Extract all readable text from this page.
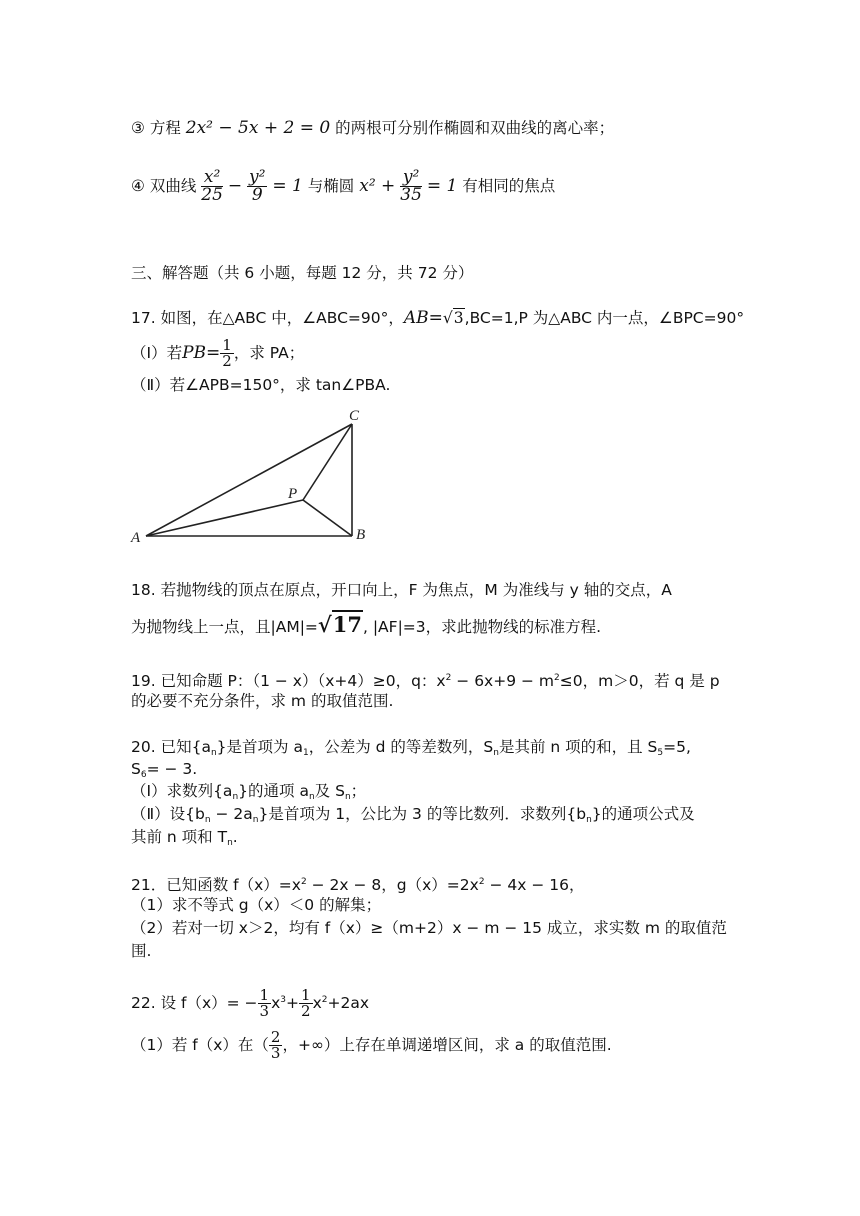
③ 方程 2x² − 5x + 2 = 0 的两根可分别作椭圆和双曲线的离心率；
④ 双曲线 $\frac{\text{x²}}{25} - \frac{\text{y²}}{9} = 1$ 与椭圆 $x^2 + \frac{\text{y²}}{35} = 1$ 有相同的焦点
三、解答题（共 6 小题，每题 12 分，共 72 分）
17. 如图，在△ABC 中，∠ABC=90°，AB=√3,BC=1,P 为△ABC 内一点，∠BPC=90°
（Ⅰ）若$PB= \frac{1}{2}$ ，求 PA；
（Ⅱ）若∠APB=150°，求 tan∠PBA.
A	B
C
P
18. 若抛物线的顶点在原点，开口向上，F 为焦点，M 为准线与 y 轴的交点，A
为抛物线上一点，且|AM|=√17, |AF|=3，求此抛物线的标准方程.
19. 已知命题 P：（1 − x）（x+4）≥0，q：$x^2 - 6x+9 - m^2\le 0$，m＞0，若 q 是 p
的必要不充分条件，求 m 的取值范围.
20. 已知$\{a_n\}$是首项为 $a_1$，公差为 d 的等差数列，$S_n$是其前 n 项的和，且 $S_5=5$,
$S_6= - 3$.
（Ⅰ）求数列$\{a_n\}$的通项 $a_n$及 $S_n$；
（Ⅱ）设$\{b_n - 2a_n\}$是首项为 1，公比为 3 的等比数列．求数列$\{b_n\}$的通项公式及
其前 n 项和 $T_n$.
21．已知函数 $f(x)=x^2 - 2x - 8$，$g(x)=2x^2 - 4x - 16$，
（1）求不等式 g（x）＜0 的解集；
（2）若对一切 x＞2，均有 f（x）≥（m+2）x − m − 15 成立，求实数 m 的取值范
围.
22. 设 $f(x)= - \frac{1}{3} x^3+ \frac{1}{2} x^2+2ax$
（1）若 f（x）在（ $\frac{2}{3}$ ，+∞）上存在单调递增区间，求 a 的取值范围.
